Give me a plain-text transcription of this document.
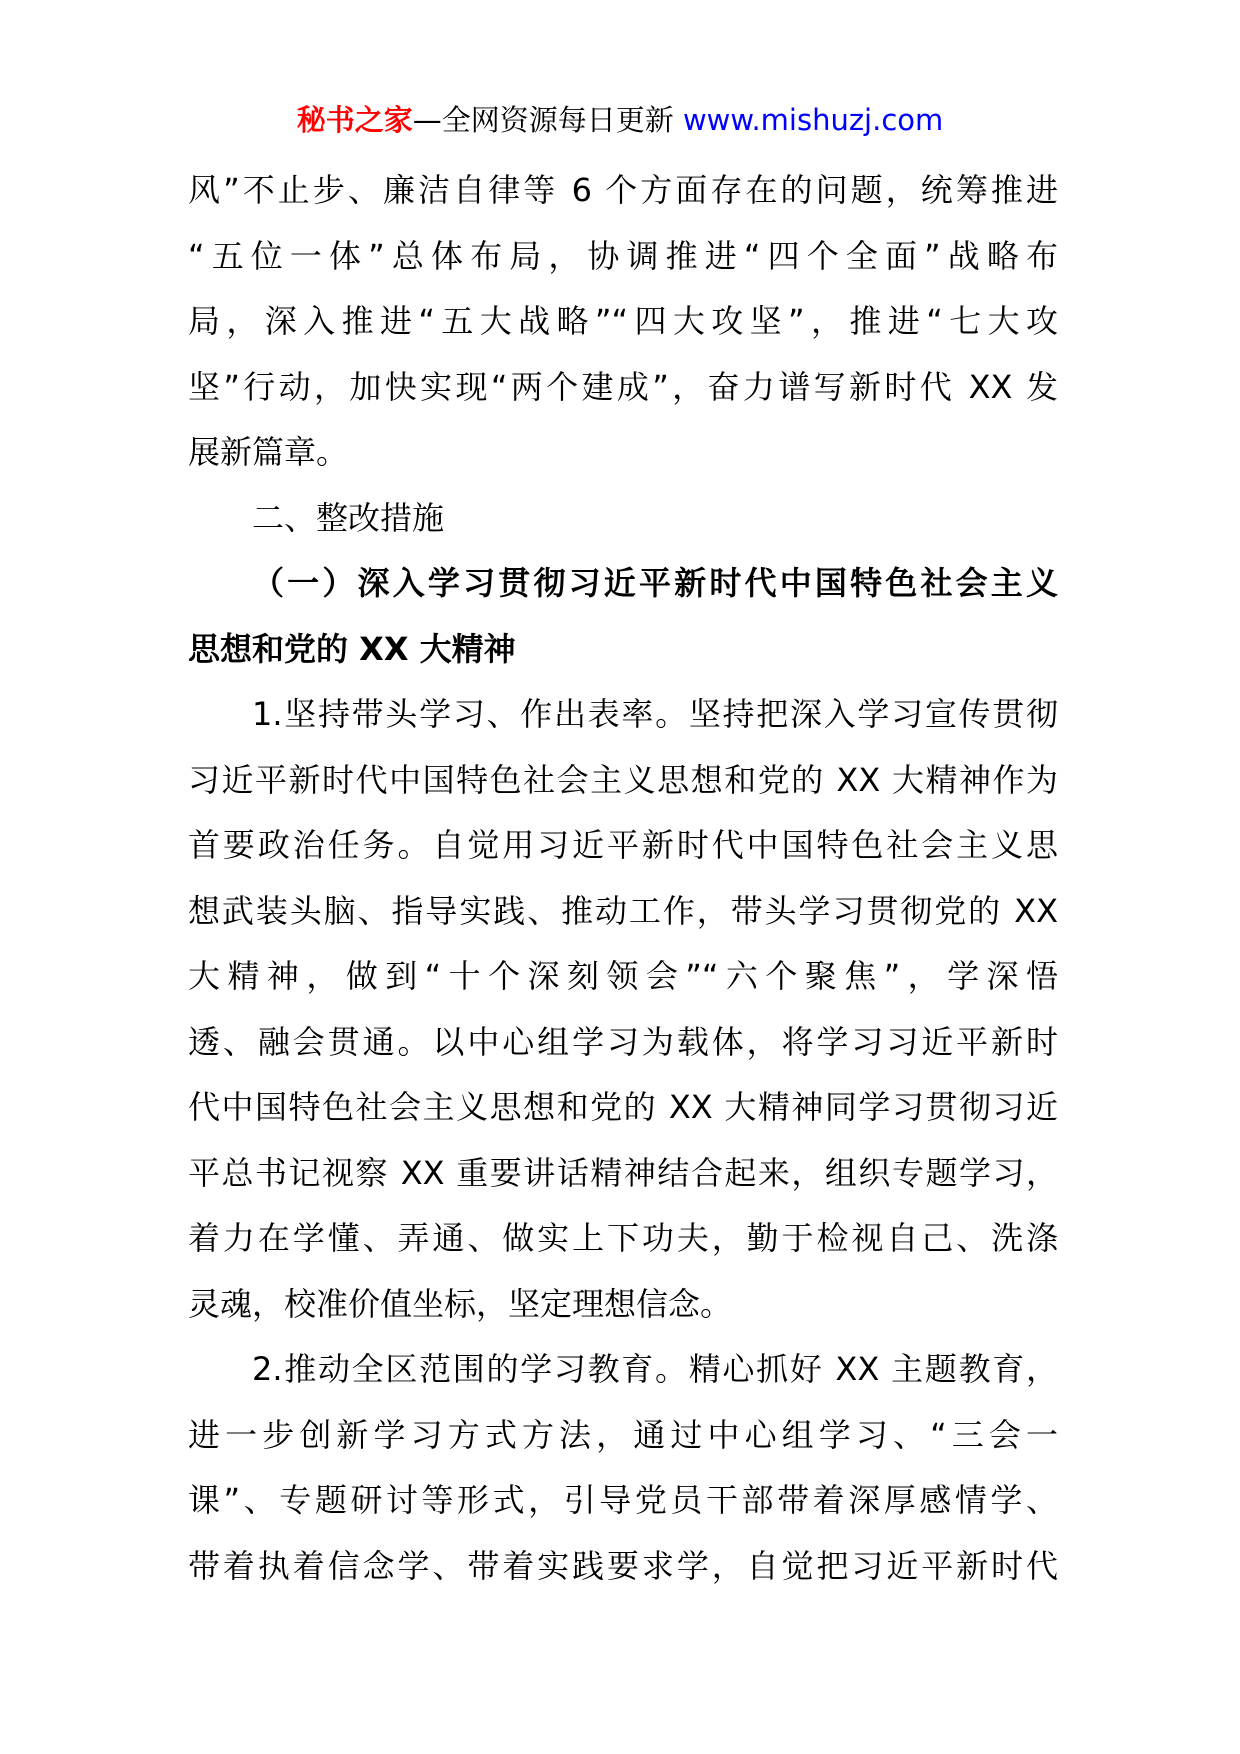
秘书之家—全网资源每日更新 www.mishuzj.com
风”不止步、廉洁自律等 6 个方面存在的问题，统筹推进
“五位一体”总体布局，协调推进“四个全面”战略布
局，深入推进“五大战略”“四大攻坚”，推进“七大攻
坚”行动，加快实现“两个建成”，奋力谱写新时代 XX 发
展新篇章。
二、整改措施
（一）深入学习贯彻习近平新时代中国特色社会主义
思想和党的 XX 大精神
1.坚持带头学习、作出表率。坚持把深入学习宣传贯彻
习近平新时代中国特色社会主义思想和党的 XX 大精神作为
首要政治任务。自觉用习近平新时代中国特色社会主义思
想武装头脑、指导实践、推动工作，带头学习贯彻党的 XX
大精神，做到“十个深刻领会”“六个聚焦”，学深悟
透、融会贯通。以中心组学习为载体，将学习习近平新时
代中国特色社会主义思想和党的 XX 大精神同学习贯彻习近
平总书记视察 XX 重要讲话精神结合起来，组织专题学习，
着力在学懂、弄通、做实上下功夫，勤于检视自己、洗涤
灵魂，校准价值坐标，坚定理想信念。
2.推动全区范围的学习教育。精心抓好 XX 主题教育，
进一步创新学习方式方法，通过中心组学习、“三会一
课”、专题研讨等形式，引导党员干部带着深厚感情学、
带着执着信念学、带着实践要求学，自觉把习近平新时代
